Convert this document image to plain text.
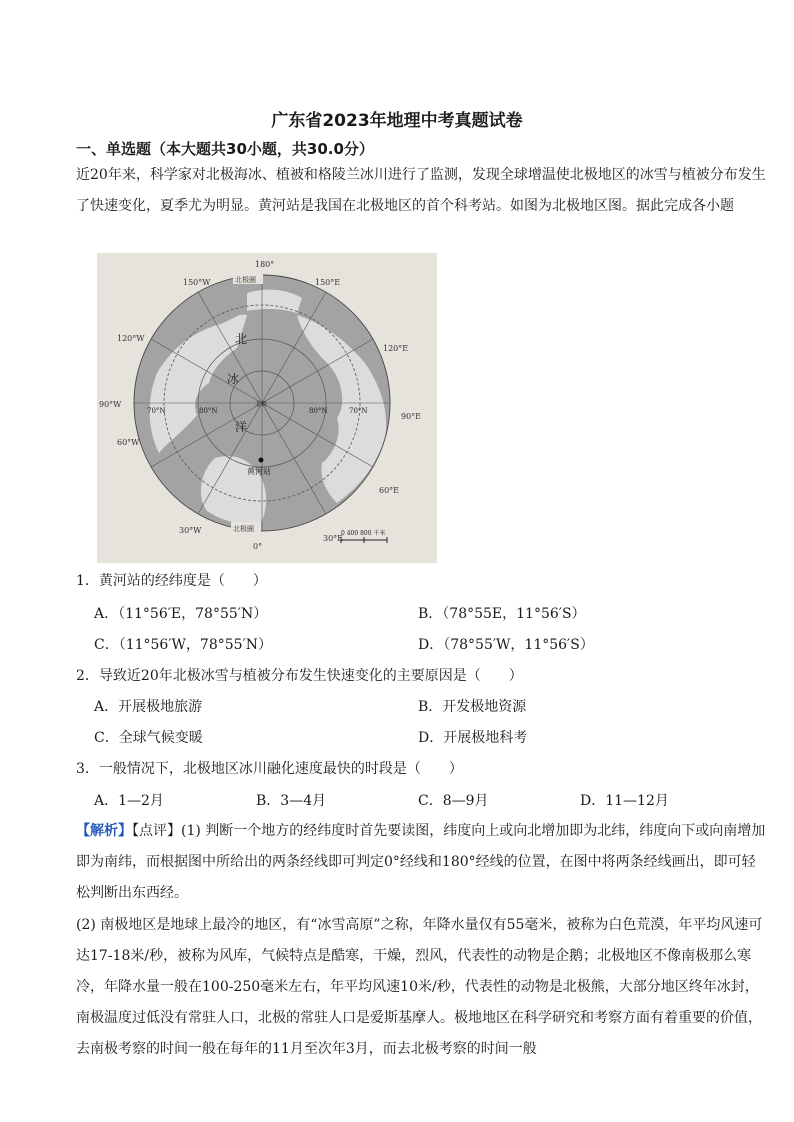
广东省2023年地理中考真题试卷
一、单选题（本大题共30小题，共30.0分）
近20年来，科学家对北极海冰、植被和格陵兰冰川进行了监测，发现全球增温使北极地区的冰雪与植被分布发生了快速变化，夏季尤为明显。黄河站是我国在北极地区的首个科考站。如图为北极地区图。据此完成各小题
180°
150°W	150°E
120°W
120°E
90°W
90°E
60°W
60°E
30°W
30°E
0°
70°N	80°N	80°N	70°N
北
冰
洋
北极
北极圈
北极圈
黄河站
0 400 800 千米
1．黄河站的经纬度是（　　）
A．（11°56′E，78°55′N）	B．（78°55E，11°56′S）
C．（11°56′W，78°55′N）	D．（78°55′W，11°56′S）
2．导致近20年北极冰雪与植被分布发生快速变化的主要原因是（　　）
A．开展极地旅游	B．开发极地资源
C．全球气候变暖	D．开展极地科考
3．一般情况下，北极地区冰川融化速度最快的时段是（　　）
A．1—2月	B．3—4月	C．8—9月	D．11—12月
【解析】【点评】(1) 判断一个地方的经纬度时首先要读图，纬度向上或向北增加即为北纬，纬度向下或向南增加即为南纬，而根据图中所给出的两条经线即可判定0°经线和180°经线的位置，在图中将两条经线画出，即可轻松判断出东西经。
(2) 南极地区是地球上最冷的地区，有“冰雪高原”之称，年降水量仅有55毫米，被称为白色荒漠，年平均风速可达17-18米/秒，被称为风库，气候特点是酷寒，干燥，烈风，代表性的动物是企鹅；北极地区不像南极那么寒冷，年降水量一般在100-250毫米左右，年平均风速10米/秒，代表性的动物是北极熊，大部分地区终年冰封，南极温度过低没有常驻人口，北极的常驻人口是爱斯基摩人。极地地区在科学研究和考察方面有着重要的价值，去南极考察的时间一般在每年的11月至次年3月，而去北极考察的时间一般
